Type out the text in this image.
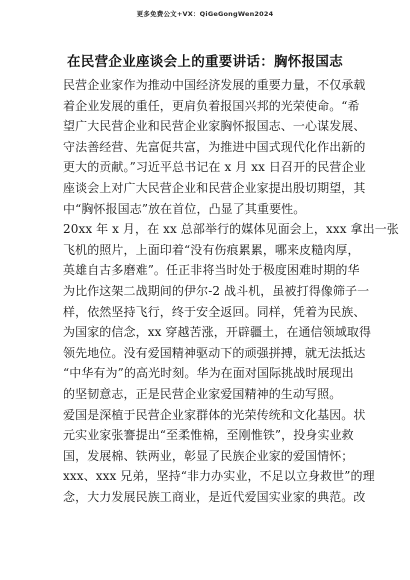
更多免费公文+VX：QiGeGongWen2024
在民营企业座谈会上的重要讲话：胸怀报国志
民营企业家作为推动中国经济发展的重要力量，不仅承载
着企业发展的重任，更肩负着报国兴邦的光荣使命。“希
望广大民营企业和民营企业家胸怀报国志、一心谋发展、
守法善经营、先富促共富，为推进中国式现代化作出新的
更大的贡献。”习近平总书记在 x 月 xx 日召开的民营企业
座谈会上对广大民营企业和民营企业家提出殷切期望，其
中“胸怀报国志”放在首位，凸显了其重要性。
20xx 年 x 月，在 xx 总部举行的媒体见面会上，xxx 拿出一张
飞机的照片，上面印着“没有伤痕累累，哪来皮糙肉厚，
英雄自古多磨难”。任正非将当时处于极度困难时期的华
为比作这架二战期间的伊尔-2 战斗机，虽被打得像筛子一
样，依然坚持飞行，终于安全返回。同样，凭着为民族、
为国家的信念，xx 穿越苦涨，开辟疆土，在通信领域取得
领先地位。没有爱国精神驱动下的顽强拼搏，就无法抵达
“中华有为”的高光时刻。华为在面对国际挑战时展现出
的坚韧意志，正是民营企业家爱国精神的生动写照。
爱国是深植于民营企业家群体的光荣传统和文化基因。状
元实业家张謇提出“至柔惟棉，至刚惟铁”，投身实业救
国，发展棉、铁两业，彰显了民族企业家的爱国情怀；
xxx、xxx 兄弟，坚持“非力办实业，不足以立身救世”的理
念，大力发展民族工商业，是近代爱国实业家的典范。改
